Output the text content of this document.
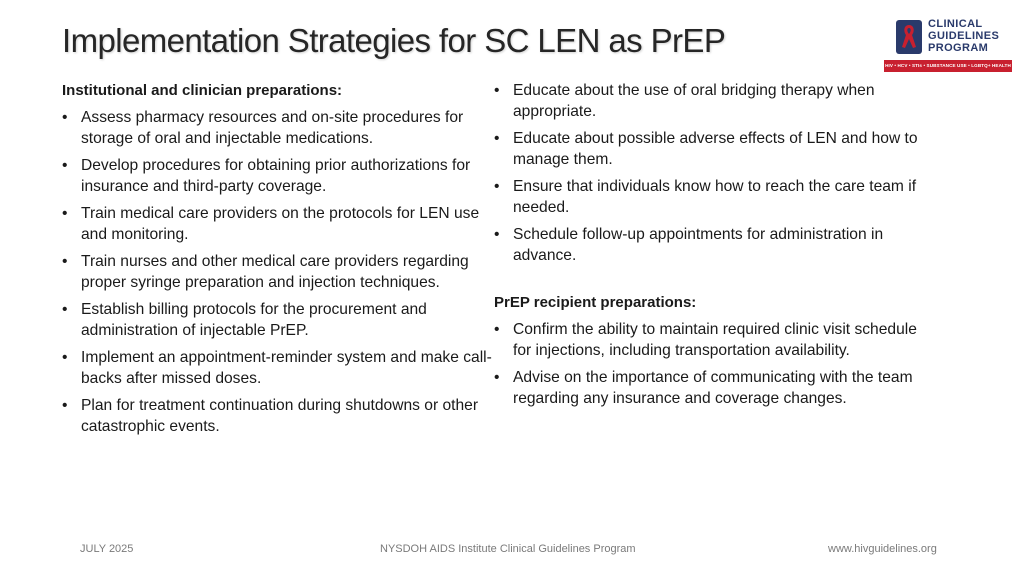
Implementation Strategies for SC LEN as PrEP	CLINICAL
GUIDELINES
PROGRAM
HIV • HCV • STIs • SUBSTANCE USE • LGBTQ+ HEALTH
Institutional and clinician preparations:
• Assess pharmacy resources and on-site procedures for storage of oral and injectable medications.
• Develop procedures for obtaining prior authorizations for insurance and third-party coverage.
• Train medical care providers on the protocols for LEN use and monitoring.
• Train nurses and other medical care providers regarding proper syringe preparation and injection techniques.
• Establish billing protocols for the procurement and administration of injectable PrEP.
• Implement an appointment-reminder system and make call-backs after missed doses.
• Plan for treatment continuation during shutdowns or other catastrophic events.
• Educate about the use of oral bridging therapy when appropriate.
• Educate about possible adverse effects of LEN and how to manage them.
• Ensure that individuals know how to reach the care team if needed.
• Schedule follow-up appointments for administration in advance.
PrEP recipient preparations:
• Confirm the ability to maintain required clinic visit schedule for injections, including transportation availability.
• Advise on the importance of communicating with the team regarding any insurance and coverage changes.
JULY 2025	NYSDOH AIDS Institute Clinical Guidelines Program	www.hivguidelines.org
